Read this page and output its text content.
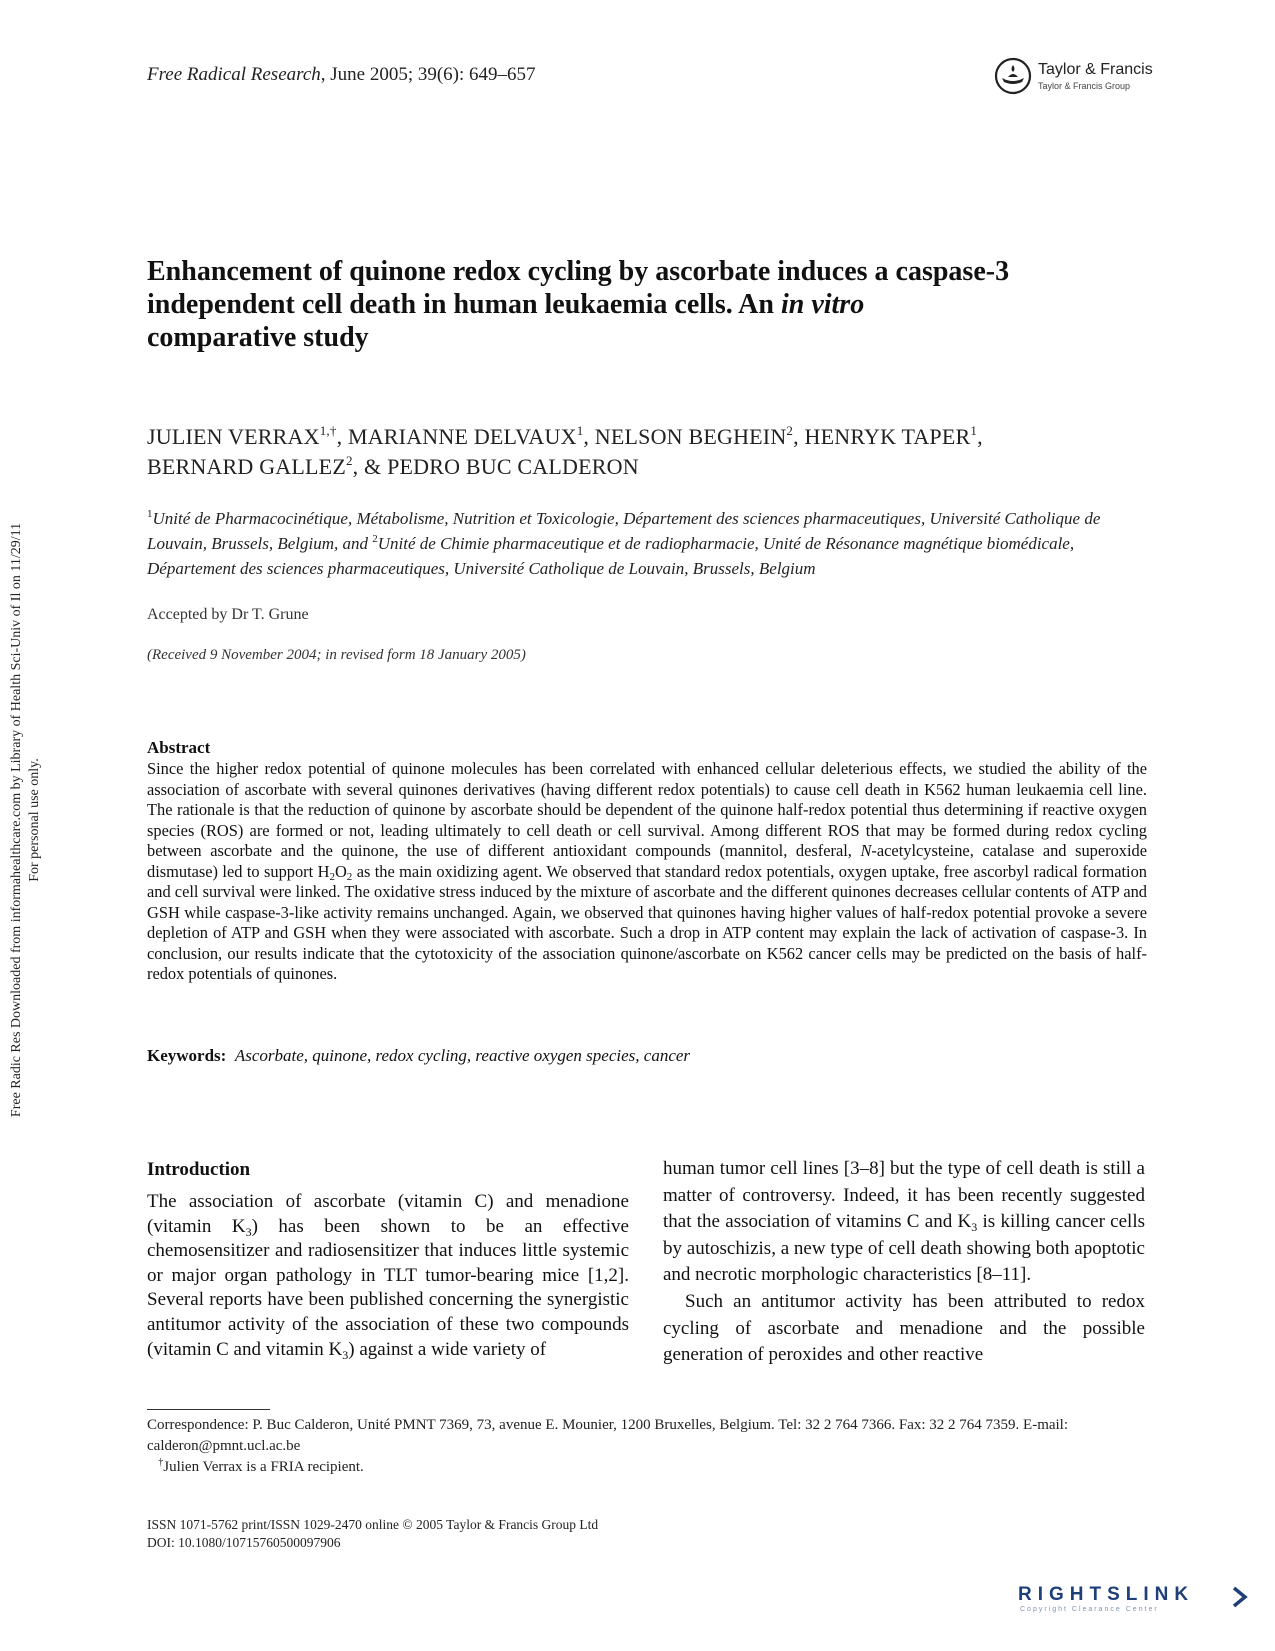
Free Radical Research, June 2005; 39(6): 649–657	Taylor & Francis
Taylor & Francis Group
Enhancement of quinone redox cycling by ascorbate induces a caspase-3
independent cell death in human leukaemia cells. An in vitro
comparative study
JULIEN $VERRAX^{1,\dagger}$, MARIANNE DELVAUX$^1$, NELSON BEGHEIN$^2$, HENRYK TAPER$^1$,
BERNARD GALLEZ$^2$, & PEDRO BUC CALDERON
$^1$Unité de Pharmacocinétique, Métabolisme, Nutrition et Toxicologie, Département des sciences pharmaceutiques, Université Catholique de Louvain, Brussels, Belgium, and $^2$Unité de Chimie pharmaceutique et de radiopharmacie, Unité de Résonance magnétique biomédicale, Département des sciences pharmaceutiques, Université Catholique de Louvain, Brussels, Belgium
Accepted by Dr T. Grune
(Received 9 November 2004; in revised form 18 January 2005)
Abstract
Since the higher redox potential of quinone molecules has been correlated with enhanced cellular deleterious effects, we studied the ability of the association of ascorbate with several quinones derivatives (having different redox potentials) to cause cell death in K562 human leukaemia cell line. The rationale is that the reduction of quinone by ascorbate should be dependent of the quinone half-redox potential thus determining if reactive oxygen species (ROS) are formed or not, leading ultimately to cell death or cell survival. Among different ROS that may be formed during redox cycling between ascorbate and the quinone, the use of different antioxidant compounds (mannitol, desferal, N-acetylcysteine, catalase and superoxide dismutase) led to support $H_2O_2$ as the main oxidizing agent. We observed that standard redox potentials, oxygen uptake, free ascorbyl radical formation and cell survival were linked. The oxidative stress induced by the mixture of ascorbate and the different quinones decreases cellular contents of ATP and GSH while caspase-3-like activity remains unchanged. Again, we observed that quinones having higher values of half-redox potential provoke a severe depletion of ATP and GSH when they were associated with ascorbate. Such a drop in ATP content may explain the lack of activation of caspase-3. In conclusion, our results indicate that the cytotoxicity of the association quinone/ascorbate on K562 cancer cells may be predicted on the basis of half-redox potentials of quinones.
Keywords: Ascorbate, quinone, redox cycling, reactive oxygen species, cancer
Free Radic Res Downloaded from informahealthcare.com by Library of Health Sci-Univ of Il on 11/29/11 For personal use only.
Introduction

The association of ascorbate (vitamin C) and menadione (vitamin $K_3$) has been shown to be an effective chemosensitizer and radiosensitizer that induces little systemic or major organ pathology in TLT tumor-bearing mice [1,2]. Several reports have been published concerning the synergistic antitumor activity of the association of these two compounds (vitamin C and vitamin $K_3$) against a wide variety of

human tumor cell lines [3–8] but the type of cell death is still a matter of controversy. Indeed, it has been recently suggested that the association of vitamins C and $K_3$ is killing cancer cells by autoschizis, a new type of cell death showing both apoptotic and necrotic morphologic characteristics [8–11].

Such an antitumor activity has been attributed to redox cycling of ascorbate and menadione and the possible generation of peroxides and other reactive

Correspondence: P. Buc Calderon, Unité PMNT 7369, 73, avenue E. Mounier, 1200 Bruxelles, Belgium. Tel: 32 2 764 7366. Fax: 32 2 764 7359. E-mail: calderon@pmnt.ucl.ac.be

†Julien Verrax is a FRIA recipient.

ISSN 1071-5762 print/ISSN 1029-2470 online © 2005 Taylor & Francis Group Ltd

DOI: 10.1080/10715760500097906

RIGHTSLINK
Copyright Clearance Center
